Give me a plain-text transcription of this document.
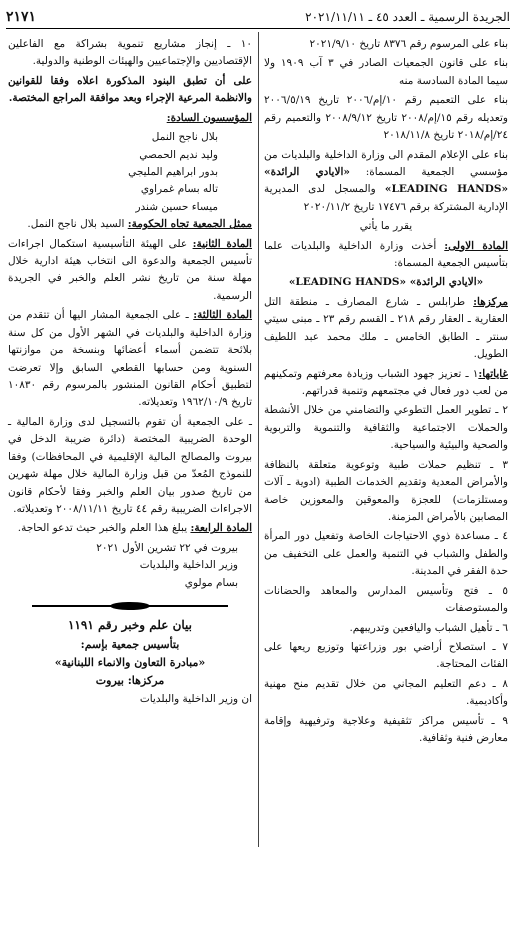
الجريدة الرسمية ـ العدد ٤٥ ـ ٢٠٢١/١١/١١
٢١٧١

بناء على المرسوم رقم ٨٣٧٦ تاريخ ٢٠٢١/٩/١٠

بناء على قانون الجمعيات الصادر في ٣ آب ١٩٠٩ ولا سيما المادة السادسة منه

بناء على التعميم رقم ١٠/إم/٢٠٠٦ تاريخ ٢٠٠٦/٥/١٩ وتعديله رقم ١٥/إم/٢٠٠٨ تاريخ ٢٠٠٨/٩/١٢ والتعميم رقم ٢٤/إم/٢٠١٨ تاريخ ٢٠١٨/١١/٨

بناء على الإعلام المقدم الى وزارة الداخلية والبلديات من مؤسسي الجمعية المسماة: «الايادي الرائدة» «LEADING HANDS» والمسجل لدى المديرية الإدارية المشتركة برقم ١٧٤٧٦ تاريخ ٢٠٢٠/١١/٢

يقرر ما يأتي

المادة الاولى: أخذت وزارة الداخلية والبلديات علما بتأسيس الجمعية المسماة:

«الايادي الرائدة» «LEADING HANDS»

مركزها: طرابلس ـ شارع المصارف ـ منطقة التل العقارية ـ العقار رقم ٢١٨ ـ القسم رقم ٢٣ ـ مبنى سيتي سنتر ـ الطابق الخامس ـ ملك محمد عبد اللطيف الطويل.

غاياتها:١ ـ تعزيز جهود الشباب وزيادة معرفتهم وتمكينهم من لعب دور فعال في مجتمعهم وتنمية قدراتهم.

٢ ـ تطوير العمل التطوعي والتضامني من خلال الأنشطة والحملات الاجتماعية والثقافية والتنموية والتربوية والصحية والبيئية والسياحية.

٣ ـ تنظيم حملات طبية وتوعوية متعلقة بالنظافة والأمراض المعدية وتقديم الخدمات الطبية (ادوية ـ آلات ومستلزمات) للعجزة والمعوقين والمعوزين خاصة المصابين بالأمراض المزمنة.

٤ ـ مساعدة ذوي الاحتياجات الخاصة وتفعيل دور المرأة والطفل والشباب في التنمية والعمل على التخفيف من حدة الفقر في المدينة.

٥ ـ فتح وتأسيس المدارس والمعاهد والحضانات والمستوصفات

٦ ـ تأهيل الشباب واليافعين وتدريبهم.

٧ ـ استصلاح أراضي بور وزراعتها وتوزيع ريعها على الفئات المحتاجة.

٨ ـ دعم التعليم المجاني من خلال تقديم منح مهنية وأكاديمية.

٩ ـ تأسيس مراكز تثقيفية وعلاجية وترفيهية وإقامة معارض فنية وثقافية.

١٠ ـ إنجاز مشاريع تنموية بشراكة مع الفاعلين الإقتصاديين والإجتماعيين والهيئات الوطنية والدولية.

على أن تطبق البنود المذكورة اعلاه وفقا للقوانين والانظمة المرعية الإجراء وبعد موافقة المراجع المختصة.

المؤسسون السادة:

بلال ناجح النمل

وليد نديم الحمصي

بدور ابراهيم المليجي

تاله بسام غمراوي

ميساء حسين شندر

ممثل الجمعية تجاه الحكومة: السيد بلال ناجح النمل.

المادة الثانية: على الهيئة التأسيسية استكمال اجراءات تأسيس الجمعية والدعوة الى انتخاب هيئة ادارية خلال مهلة سنة من تاريخ نشر العلم والخبر في الجريدة الرسمية.

المادة الثالثة: ـ على الجمعية المشار اليها أن تتقدم من وزارة الداخلية والبلديات في الشهر الأول من كل سنة بلائحة تتضمن أسماء أعضائها وبنسخة من موازنتها السنوية ومن حسابها القطعي السابق وإلا تعرضت لتطبيق أحكام القانون المنشور بالمرسوم رقم ١٠٨٣٠ تاريخ ١٩٦٢/١٠/٩ وتعديلاته.

ـ على الجمعية أن تقوم بالتسجيل لدى وزارة المالية ـ الوحدة الضريبية المختصة (دائرة ضريبة الدخل في بيروت والمصالح المالية الإقليمية في المحافظات) وفقا للنموذج المُعدّ من قبل وزارة المالية خلال مهلة شهرين من تاريخ صدور بيان العلم والخبر وفقا لأحكام قانون الاجراءات الضريبية رقم ٤٤ تاريخ ٢٠٠٨/١١/١١ وتعديلاته.

المادة الرابعة: يبلغ هذا العلم والخبر حيث تدعو الحاجة.

بيروت في ٢٢ تشرين الأول ٢٠٢١

وزير الداخلية والبلديات

بسام مولوي

بيان علم وخبر رقم ١١٩١

بتأسيس جمعية بإسم:

«مبادرة التعاون والانماء اللبنانية»

مركزها: بيروت

ان وزير الداخلية والبلديات
